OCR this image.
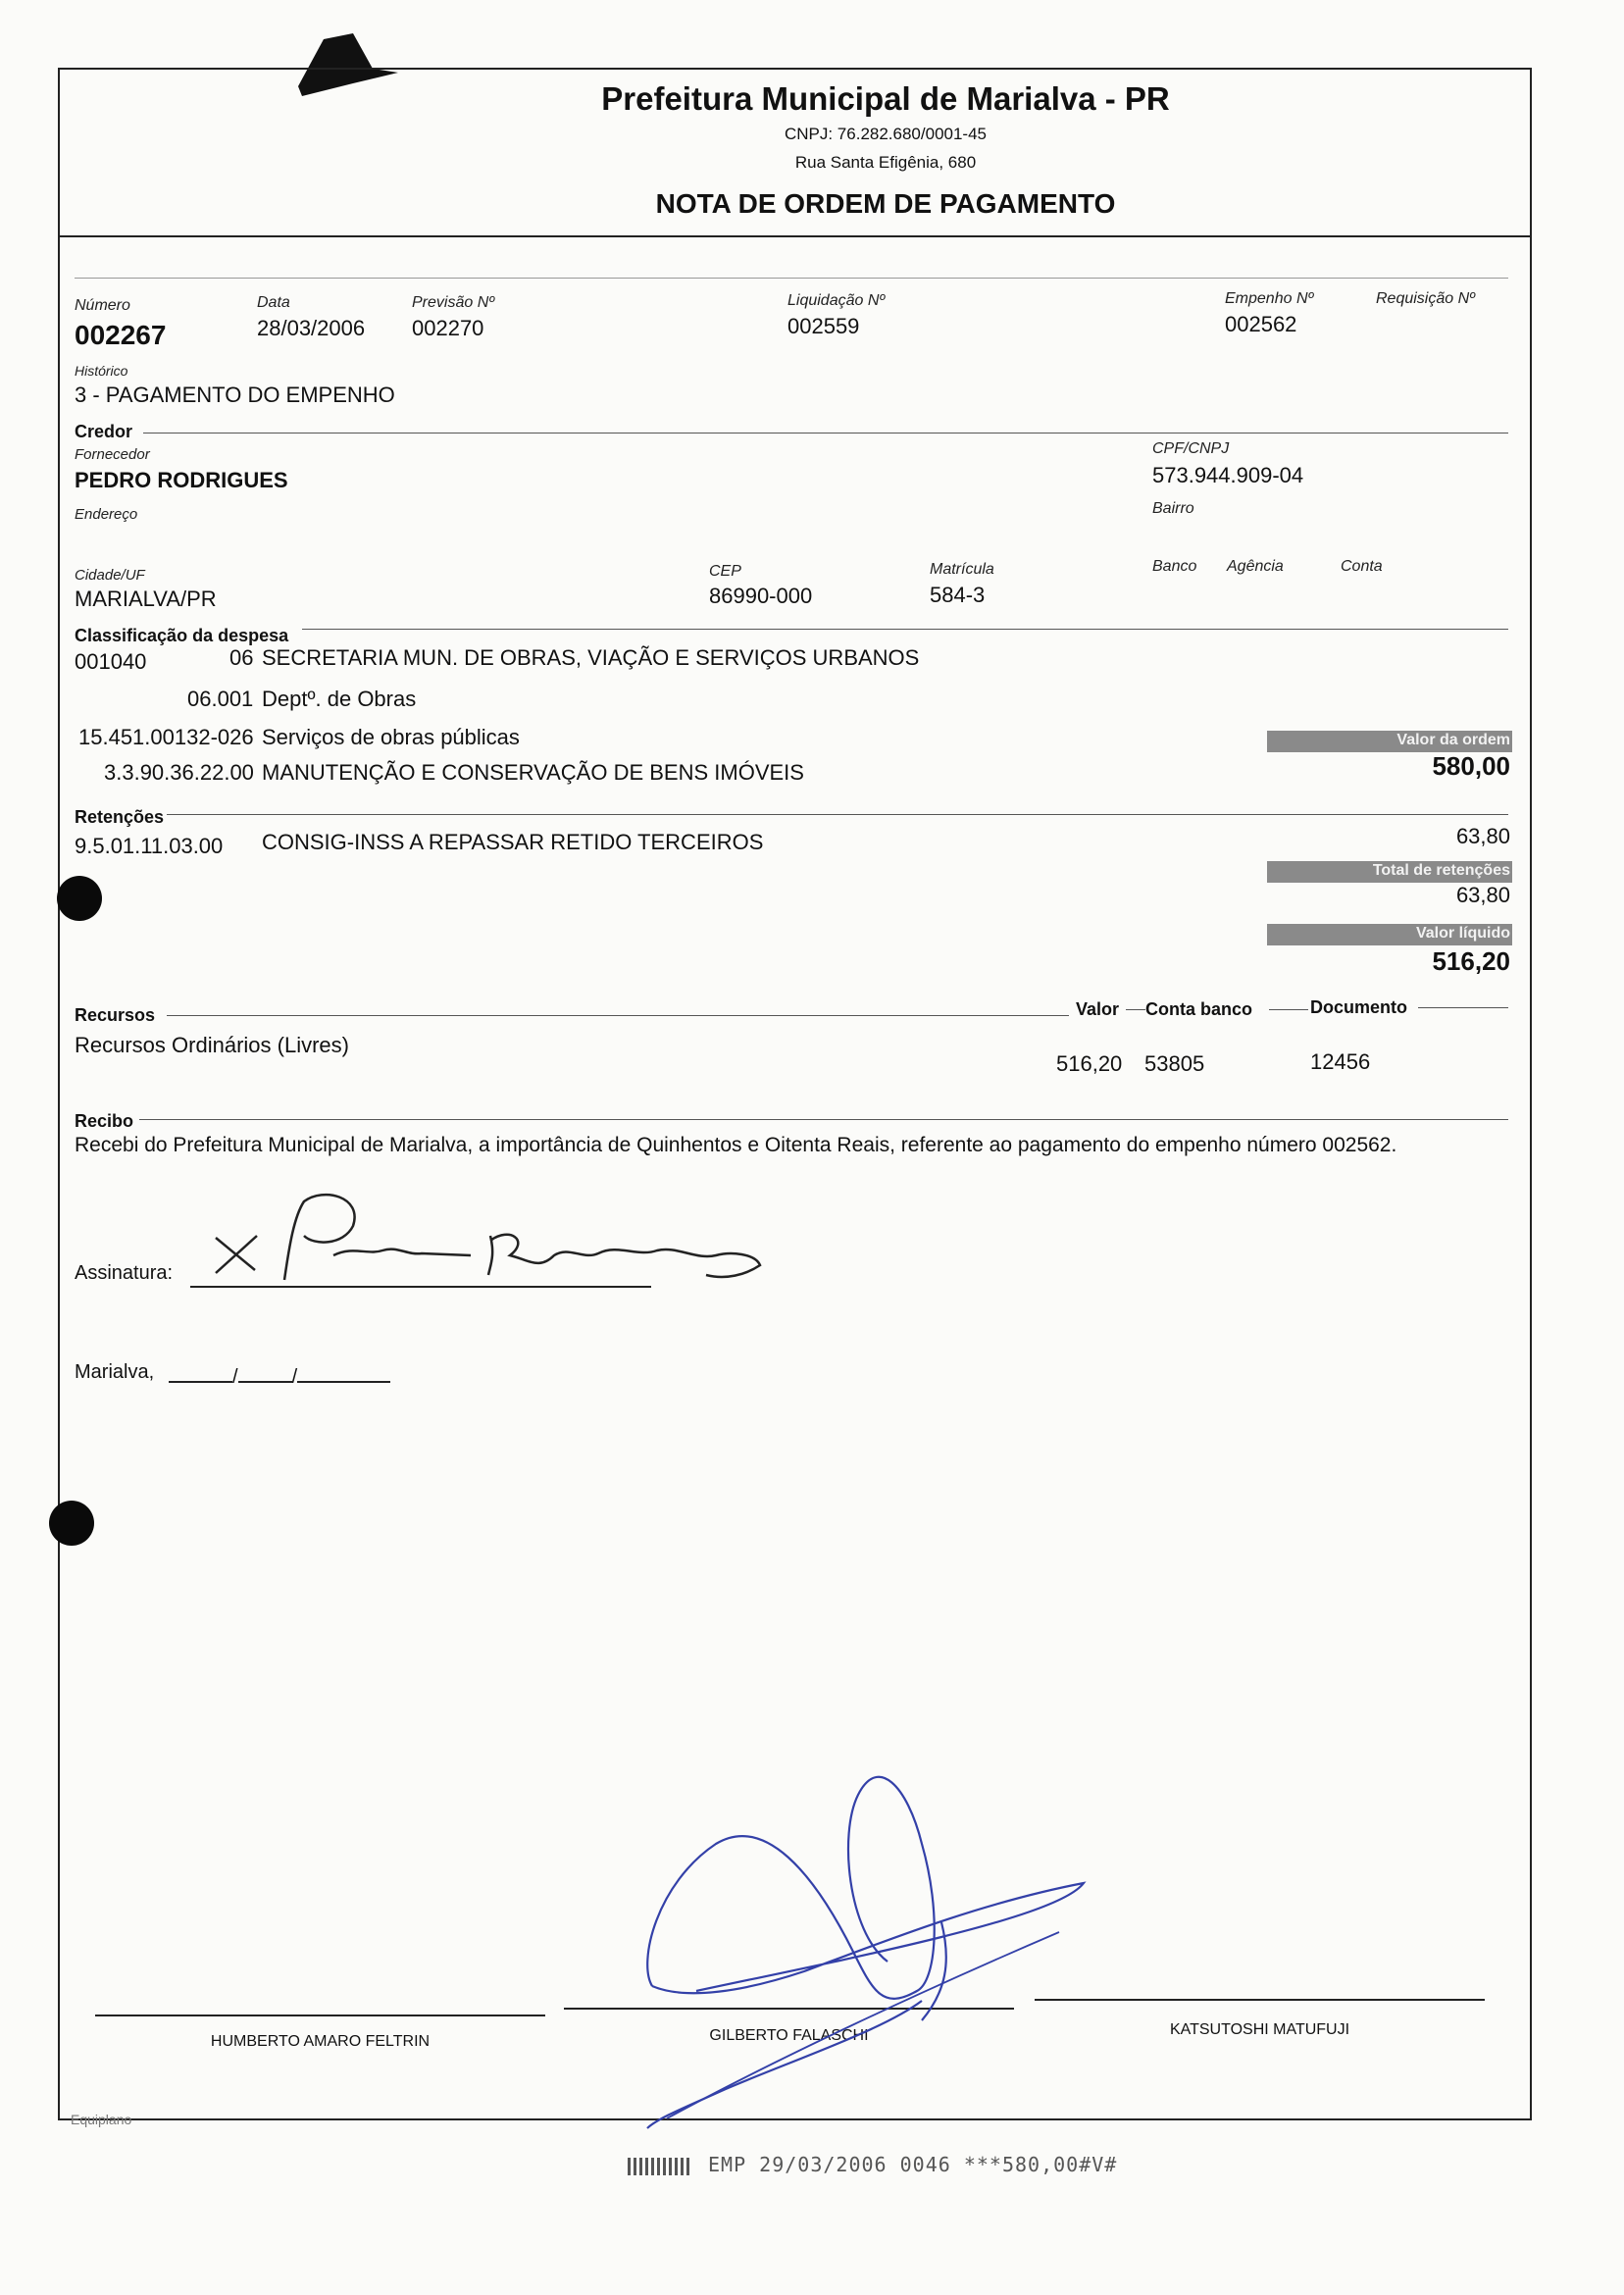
Prefeitura Municipal de Marialva - PR
CNPJ: 76.282.680/0001-45
Rua Santa Efigênia, 680
NOTA DE ORDEM DE PAGAMENTO
Número
002267
Data
28/03/2006
Previsão Nº
002270
Liquidação Nº
002559
Empenho Nº
002562
Requisição Nº
Histórico
3 - PAGAMENTO DO EMPENHO
Credor
Fornecedor
PEDRO RODRIGUES
CPF/CNPJ
573.944.909-04
Endereço	Bairro
Cidade/UF
MARIALVA/PR
CEP
86990-000
Matrícula
584-3
Banco Agência	Conta
Classificação da despesa
001040	06 SECRETARIA MUN. DE OBRAS, VIAÇÃO E SERVIÇOS URBANOS
06.001 Deptº. de Obras
15.451.00132-026 Serviços de obras públicas
3.3.90.36.22.00 MANUTENÇÃO E CONSERVAÇÃO DE BENS IMÓVEIS
Valor da ordem
580,00
Retenções
9.5.01.11.03.00 CONSIG-INSS A REPASSAR RETIDO TERCEIROS	63,80
Total de retenções
63,80
Valor líquido
516,20
Recursos	Valor Conta banco	Documento
Recursos Ordinários (Livres)
516,20 53805	12456
Recibo
Recebi do Prefeitura Municipal de Marialva, a importância de Quinhentos e Oitenta Reais, referente ao pagamento do empenho número 002562.
Assinatura:
Pedro Rodrigues
Marialva,	/	/
HUMBERTO AMARO FELTRIN	GILBERTO FALASCHI	KATSUTOSHI MATUFUJI
Equiplano
EMP 29/03/2006 0046 ***580,00#V#
